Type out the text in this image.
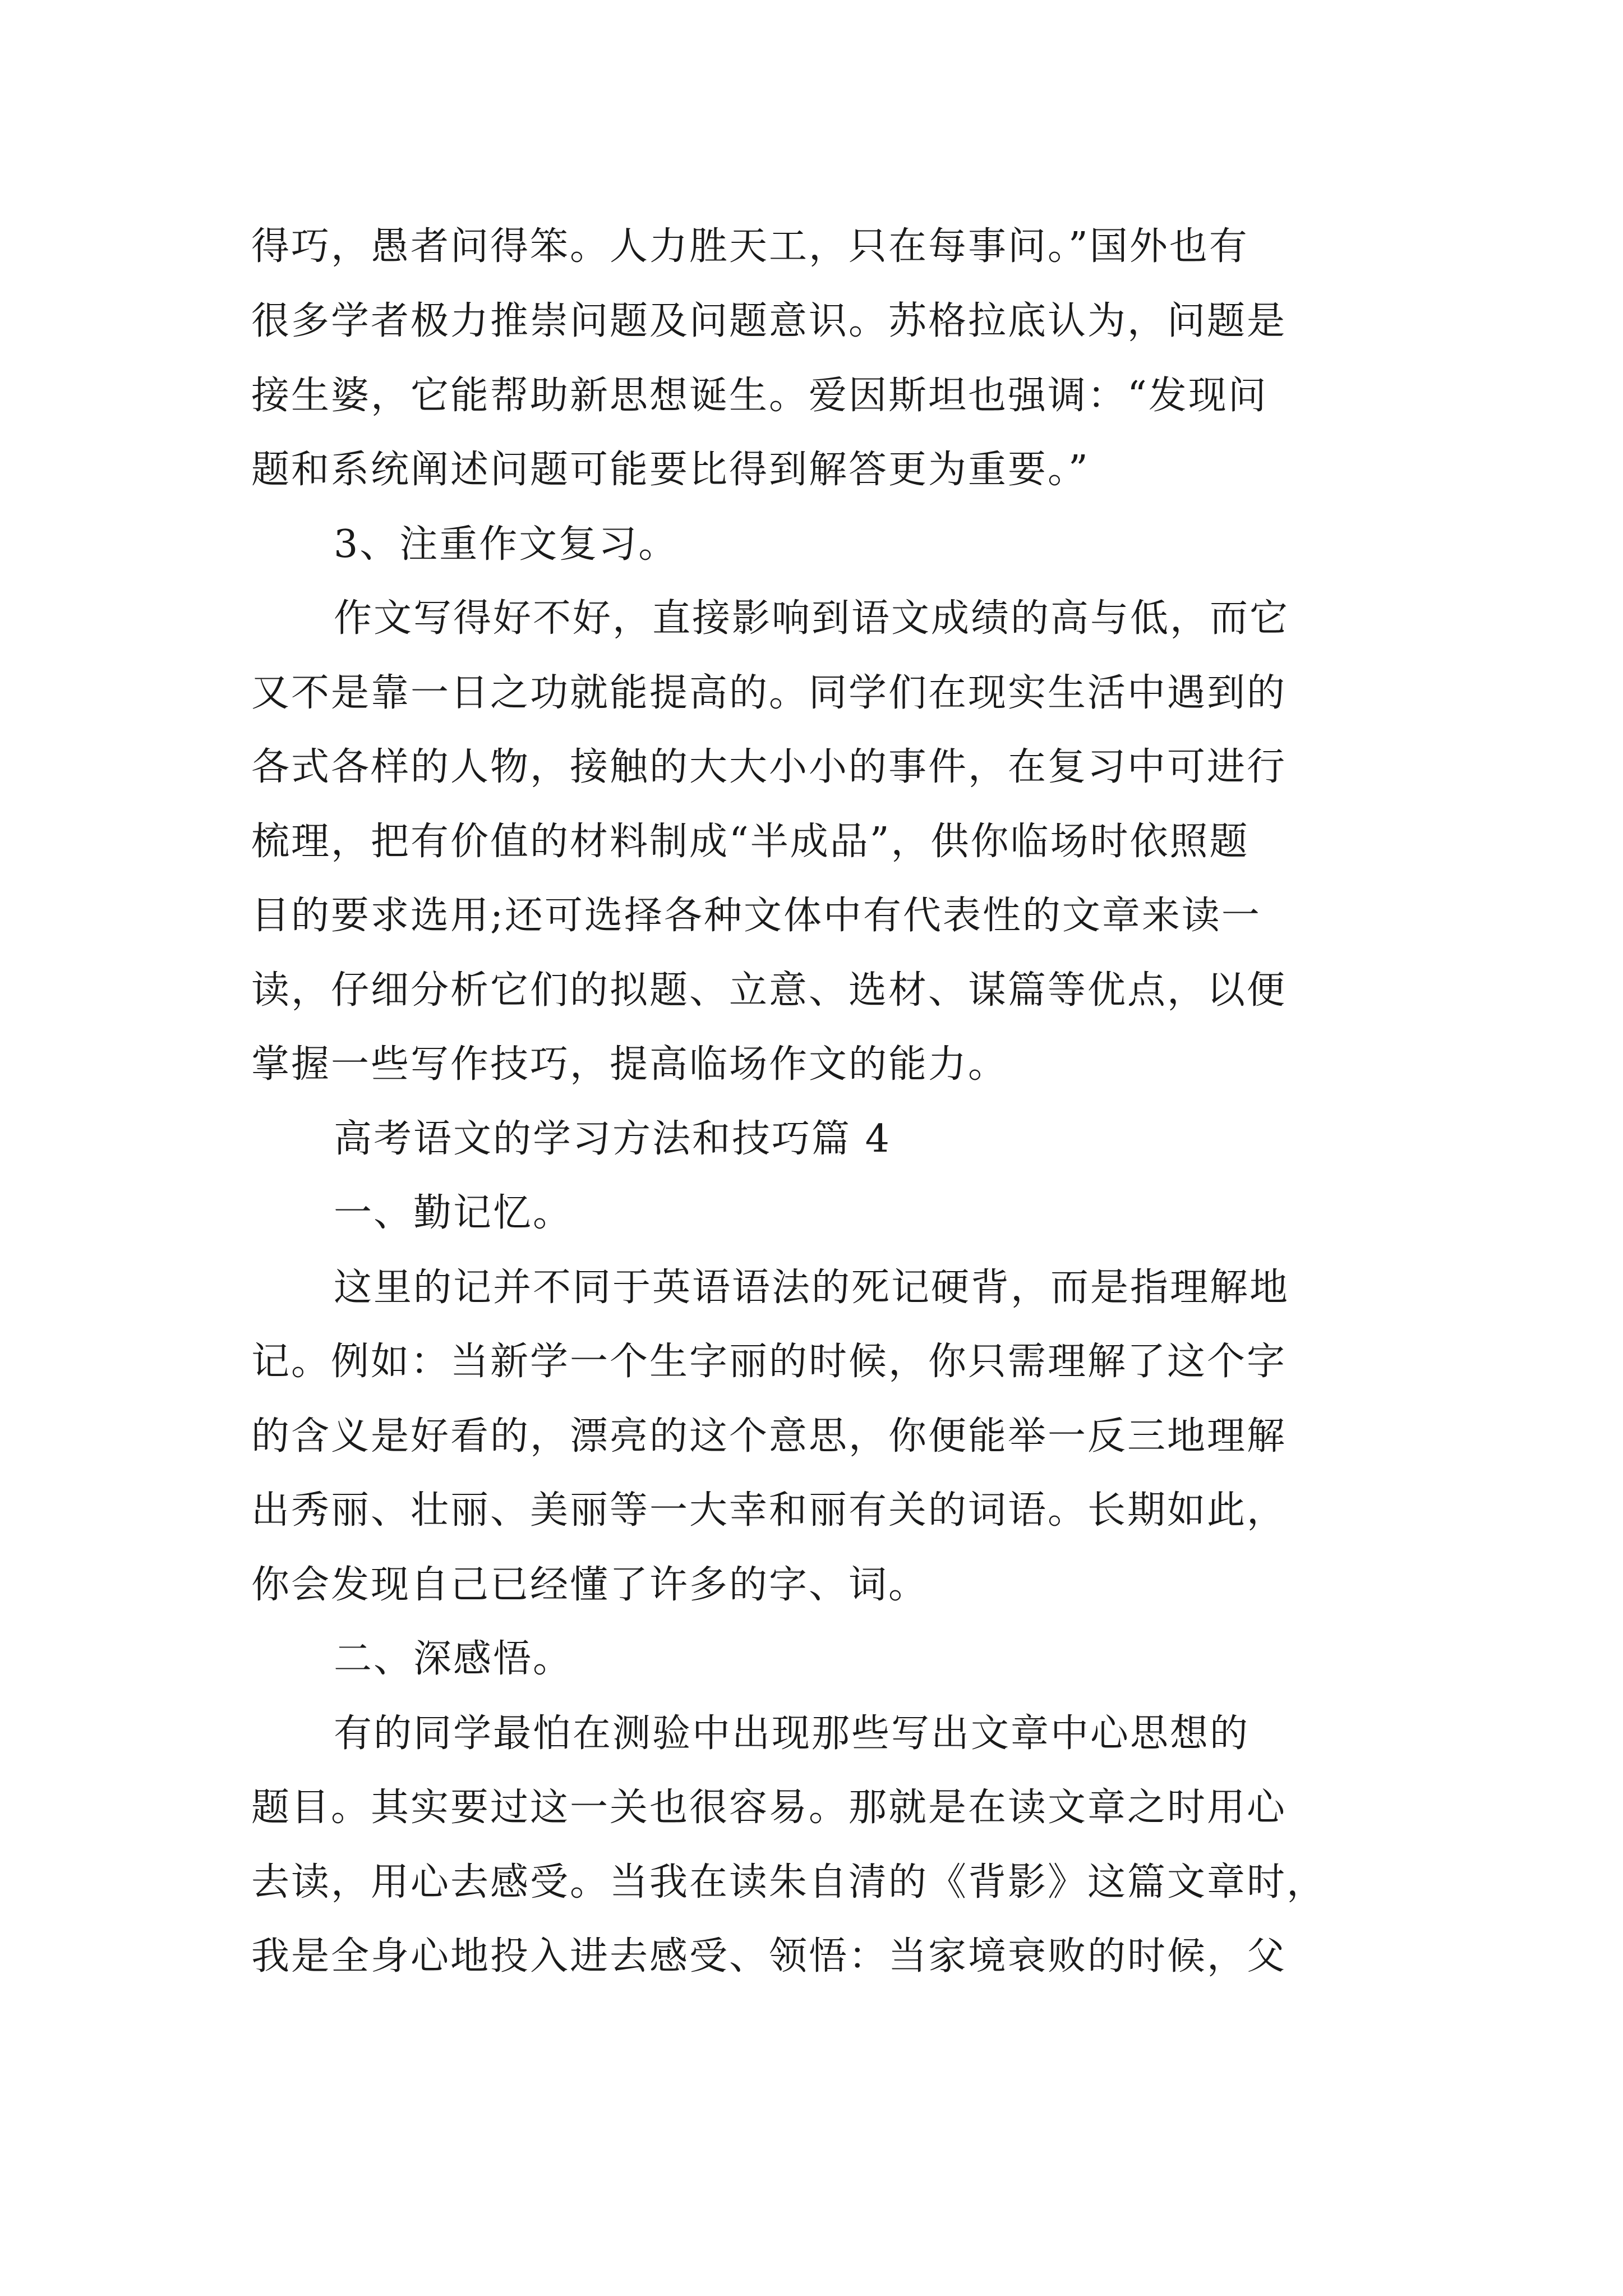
得巧，愚者问得笨。人力胜天工，只在每事问。”国外也有
很多学者极力推崇问题及问题意识。苏格拉底认为，问题是
接生婆，它能帮助新思想诞生。爱因斯坦也强调：“发现问
题和系统阐述问题可能要比得到解答更为重要。”
3、注重作文复习。
作文写得好不好，直接影响到语文成绩的高与低，而它
又不是靠一日之功就能提高的。同学们在现实生活中遇到的
各式各样的人物，接触的大大小小的事件，在复习中可进行
梳理，把有价值的材料制成“半成品”，供你临场时依照题
目的要求选用;还可选择各种文体中有代表性的文章来读一
读，仔细分析它们的拟题、立意、选材、谋篇等优点，以便
掌握一些写作技巧，提高临场作文的能力。
高考语文的学习方法和技巧篇 4
一、勤记忆。
这里的记并不同于英语语法的死记硬背，而是指理解地
记。例如：当新学一个生字丽的时候，你只需理解了这个字
的含义是好看的，漂亮的这个意思，你便能举一反三地理解
出秀丽、壮丽、美丽等一大幸和丽有关的词语。长期如此，
你会发现自己已经懂了许多的字、词。
二、深感悟。
有的同学最怕在测验中出现那些写出文章中心思想的
题目。其实要过这一关也很容易。那就是在读文章之时用心
去读，用心去感受。当我在读朱自清的《背影》这篇文章时，
我是全身心地投入进去感受、领悟：当家境衰败的时候，父
